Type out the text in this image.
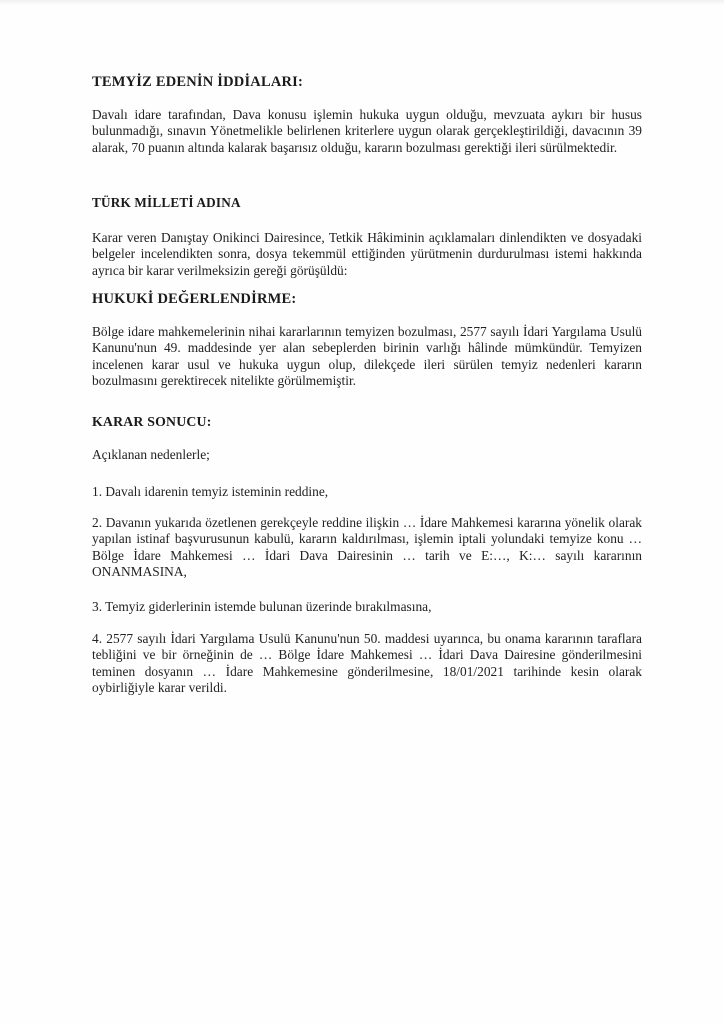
TEMYİZ EDENİN İDDİALARI:

Davalı idare tarafından, Dava konusu işlemin hukuka uygun olduğu, mevzuata aykırı bir husus bulunmadığı, sınavın Yönetmelikle belirlenen kriterlere uygun olarak gerçekleştirildiği, davacının 39 alarak, 70 puanın altında kalarak başarısız olduğu, kararın bozulması gerektiği ileri sürülmektedir.

TÜRK MİLLETİ ADINA

Karar veren Danıştay Onikinci Dairesince, Tetkik Hâkiminin açıklamaları dinlendikten ve dosyadaki belgeler incelendikten sonra, dosya tekemmül ettiğinden yürütmenin durdurulması istemi hakkında ayrıca bir karar verilmeksizin gereği görüşüldü:

HUKUKİ DEĞERLENDİRME:

Bölge idare mahkemelerinin nihai kararlarının temyizen bozulması, 2577 sayılı İdari Yargılama Usulü Kanunu'nun 49. maddesinde yer alan sebeplerden birinin varlığı hâlinde mümkündür. Temyizen incelenen karar usul ve hukuka uygun olup, dilekçede ileri sürülen temyiz nedenleri kararın bozulmasını gerektirecek nitelikte görülmemiştir.

KARAR SONUCU:

Açıklanan nedenlerle;

1. Davalı idarenin temyiz isteminin reddine,

2. Davanın yukarıda özetlenen gerekçeyle reddine ilişkin … İdare Mahkemesi kararına yönelik olarak yapılan istinaf başvurusunun kabulü, kararın kaldırılması, işlemin iptali yolundaki temyize konu … Bölge İdare Mahkemesi … İdari Dava Dairesinin … tarih ve E:…, K:… sayılı kararının ONANMASINA,

3. Temyiz giderlerinin istemde bulunan üzerinde bırakılmasına,

4. 2577 sayılı İdari Yargılama Usulü Kanunu'nun 50. maddesi uyarınca, bu onama kararının taraflara tebliğini ve bir örneğinin de … Bölge İdare Mahkemesi … İdari Dava Dairesine gönderilmesini teminen dosyanın … İdare Mahkemesine gönderilmesine, 18/01/2021 tarihinde kesin olarak oybirliğiyle karar verildi.
